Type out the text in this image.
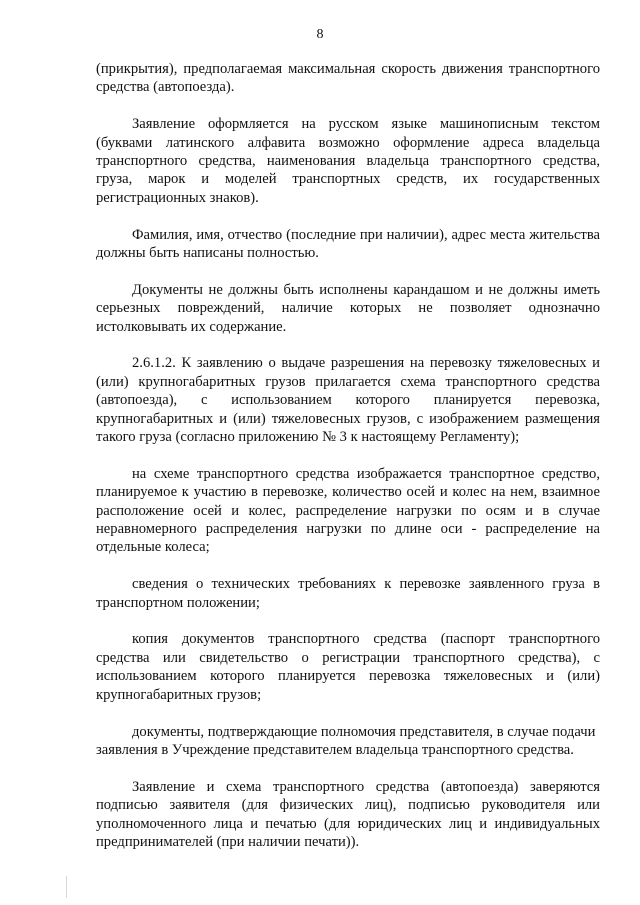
8

(прикрытия), предполагаемая максимальная скорость движения транспортного средства (автопоезда).

Заявление оформляется на русском языке машинописным текстом (буквами латинского алфавита возможно оформление адреса владельца транспортного средства, наименования владельца транспортного средства, груза, марок и моделей транспортных средств, их государственных регистрационных знаков).

Фамилия, имя, отчество (последние при наличии), адрес места жительства должны быть написаны полностью.

Документы не должны быть исполнены карандашом и не должны иметь серьезных повреждений, наличие которых не позволяет однозначно истолковывать их содержание.

2.6.1.2. К заявлению о выдаче разрешения на перевозку тяжеловесных и (или) крупногабаритных грузов прилагается схема транспортного средства (автопоезда), с использованием которого планируется перевозка, крупногабаритных и (или) тяжеловесных грузов, с изображением размещения такого груза (согласно приложению № 3 к настоящему Регламенту);

на схеме транспортного средства изображается транспортное средство, планируемое к участию в перевозке, количество осей и колес на нем, взаимное расположение осей и колес, распределение нагрузки по осям и в случае неравномерного распределения нагрузки по длине оси - распределение на отдельные колеса;

сведения о технических требованиях к перевозке заявленного груза в транспортном положении;

копия документов транспортного средства (паспорт транспортного средства или свидетельство о регистрации транспортного средства), с использованием которого планируется перевозка тяжеловесных и (или) крупногабаритных грузов;

документы, подтверждающие полномочия представителя, в случае подачи заявления в Учреждение представителем владельца транспортного средства.

Заявление и схема транспортного средства (автопоезда) заверяются подписью заявителя (для физических лиц), подписью руководителя или уполномоченного лица и печатью (для юридических лиц и индивидуальных предпринимателей (при наличии печати)).
